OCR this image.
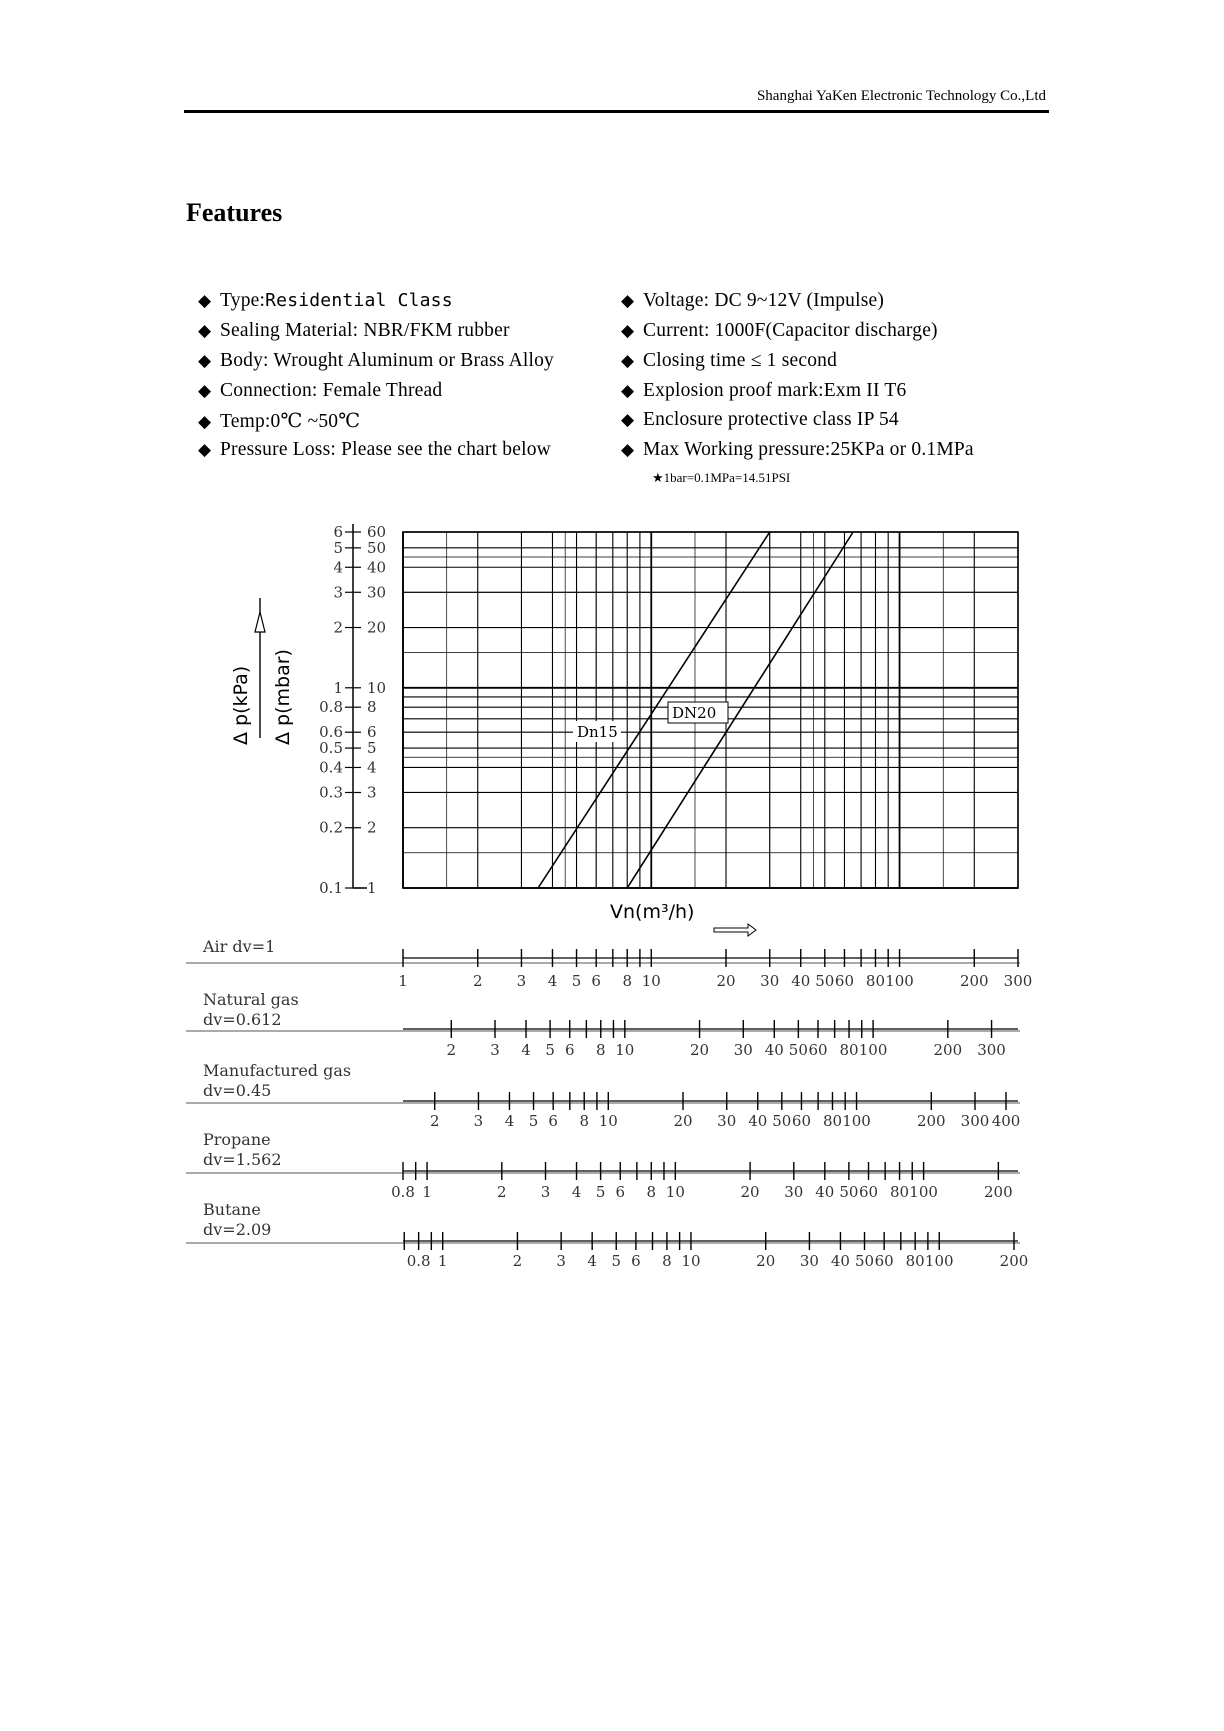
Shanghai YaKen Electronic Technology Co.,Ltd
Features
◆ Type:Residential Class
◆ Sealing Material: NBR/FKM rubber
◆ Body: Wrought Aluminum or Brass Alloy
◆ Connection: Female Thread
◆ Temp:0℃ ~50℃
◆ Pressure Loss: Please see the chart below
◆ Voltage: DC 9~12V (Impulse)
◆ Current: 1000F(Capacitor discharge)
◆ Closing time ≤ 1 second
◆ Explosion proof mark:Exm II T6
◆ Enclosure protective class IP 54
◆ Max Working pressure:25KPa or 0.1MPa
★1bar=0.1MPa=14.51PSI
Dn15
DN20
6 60
5 50
4 40
3 30
2 20
1 10
0.8 8
0.6 6
0.5 5
0.4 4
0.3 3
0.2 2
0.1 1
Δ p(kPa) Δ p(mbar)
Vn(m³/h)
Air dv=1
1	2 3 4 5 6 8 10	20 30 40 50 60 80 100	200 300
Natural gas
dv=0.612
2 3 4 5 6 8 10	20 30 40 50 60 80 100	200 300
Manufactured gas
dv=0.45
2 3 4 5 6 8 10	20 30 40 50 60 80 100	200 300 400
Propane
dv=1.562
0.8 1	2 3 4 5 6 8 10	20 30 40 50 60 80 100	200
Butane
dv=2.09
0.8 1	2 3 4 5 6 8 10	20 30 40 50 60 80 100	200
